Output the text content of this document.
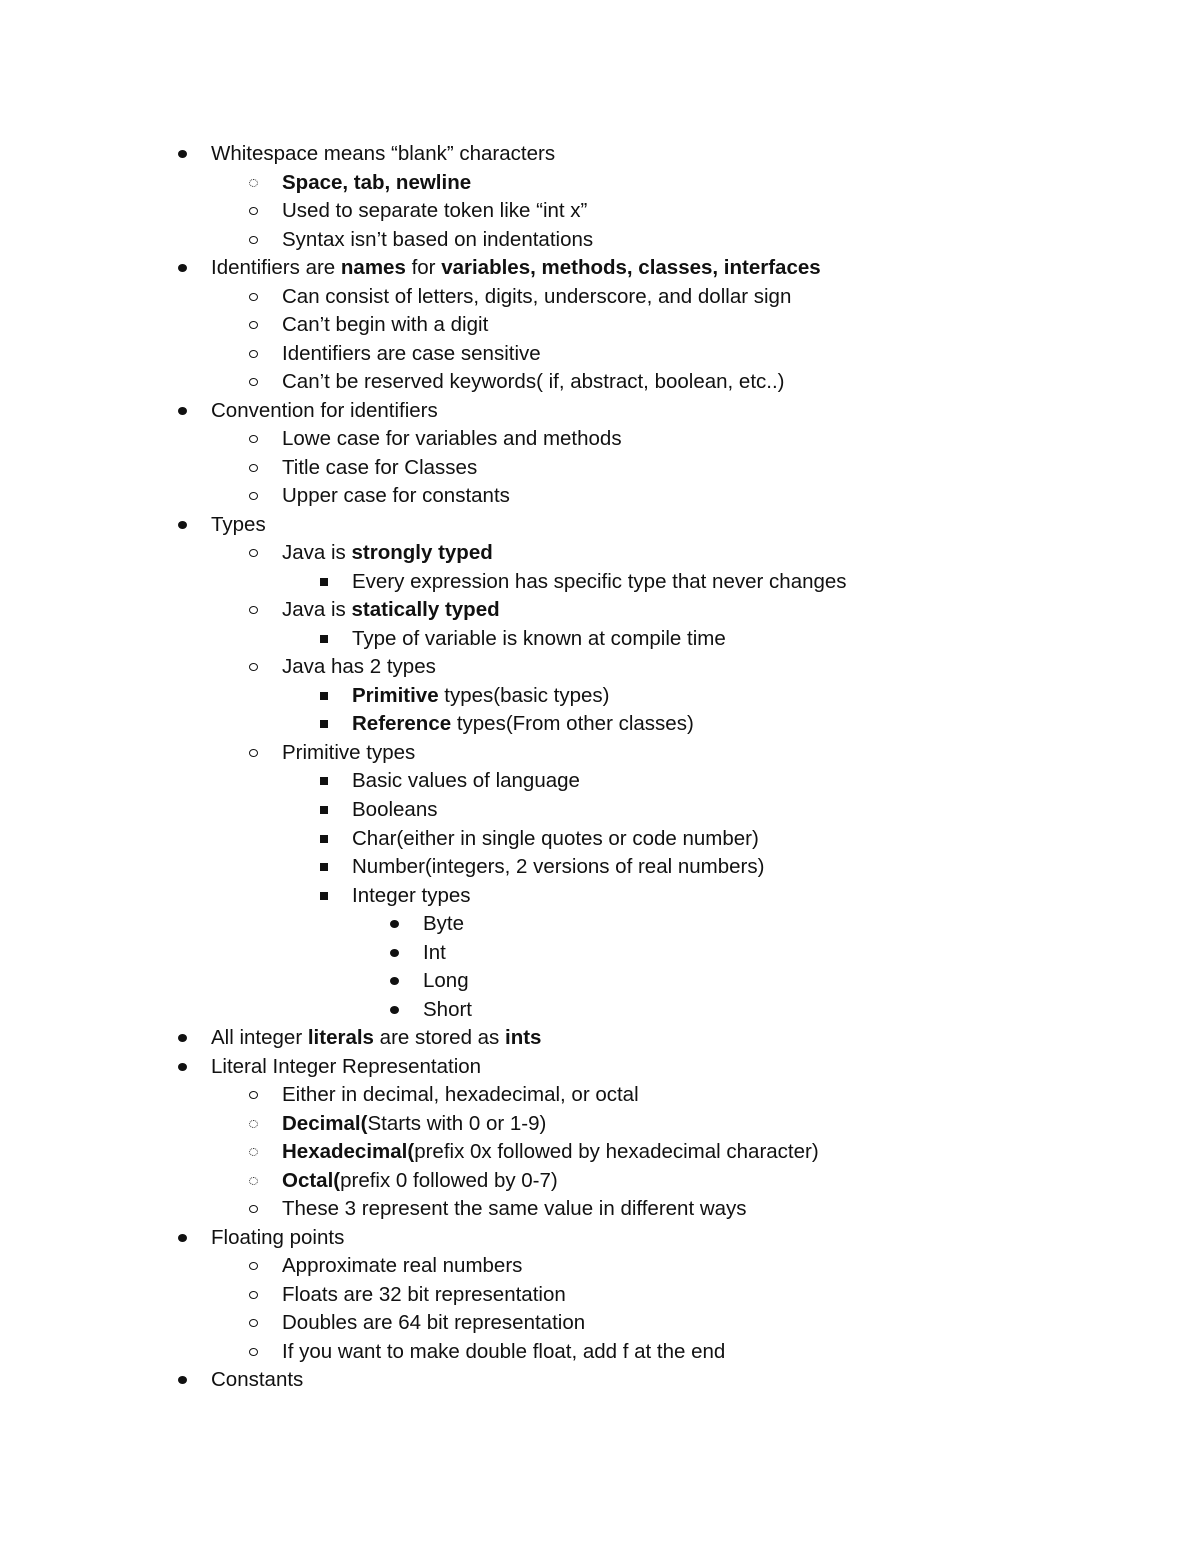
Whitespace means “blank” characters
Space, tab, newline
Used to separate token like “int x”
Syntax isn’t based on indentations
Identifiers are names for variables, methods, classes, interfaces
Can consist of letters, digits, underscore, and dollar sign
Can’t begin with a digit
Identifiers are case sensitive
Can’t be reserved keywords( if, abstract, boolean, etc..)
Convention for identifiers
Lowe case for variables and methods
Title case for Classes
Upper case for constants
Types
Java is strongly typed
Every expression has specific type that never changes
Java is statically typed
Type of variable is known at compile time
Java has 2 types
Primitive types(basic types)
Reference types(From other classes)
Primitive types
Basic values of language
Booleans
Char(either in single quotes or code number)
Number(integers, 2 versions of real numbers)
Integer types
Byte
Int
Long
Short
All integer literals are stored as ints
Literal Integer Representation
Either in decimal, hexadecimal, or octal
Decimal(Starts with 0 or 1-9)
Hexadecimal(prefix 0x followed by hexadecimal character)
Octal(prefix 0 followed by 0-7)
These 3 represent the same value in different ways
Floating points
Approximate real numbers
Floats are 32 bit representation
Doubles are 64 bit representation
If you want to make double float, add f at the end
Constants
